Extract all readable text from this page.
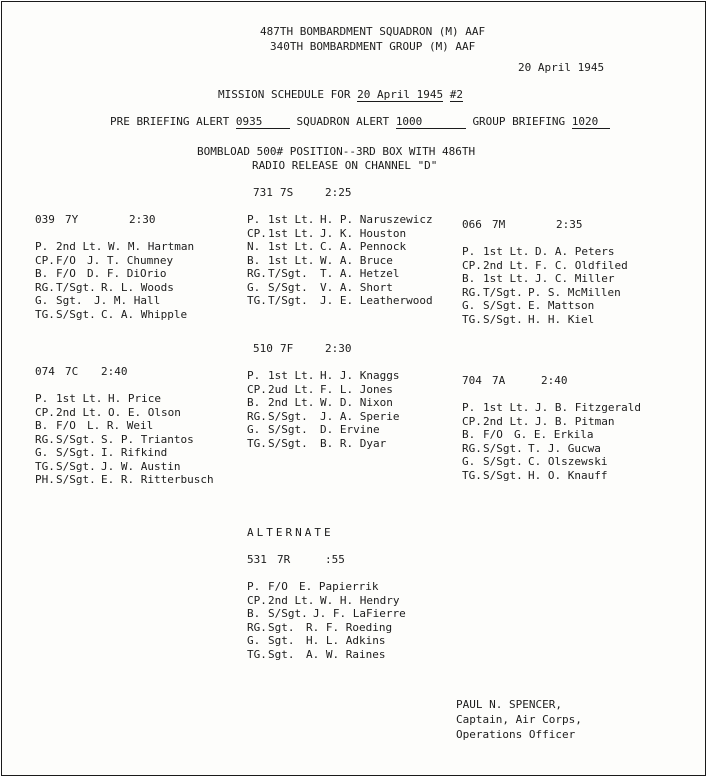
487TH BOMBARDMENT SQUADRON (M) AAF
340TH BOMBARDMENT GROUP (M) AAF
20 April 1945
MISSION SCHEDULE FOR 20 April 1945 #2
PRE BRIEFING ALERT 0935	SQUADRON ALERT 1000	GROUP BRIEFING 1020
BOMBLOAD 500# POSITION--3RD BOX WITH 486TH
RADIO RELEASE ON CHANNEL "D"
731 7S	2:25
P. 1st Lt. H. P. Naruszewicz
CP. 1st Lt. J. K. Houston
N. 1st Lt. C. A. Pennock
B. 1st Lt. W. A. Bruce
RG. T/Sgt. T. A. Hetzel
G. S/Sgt. V. A. Short
TG. T/Sgt. J. E. Leatherwood
039 7Y	2:30
P. 2nd Lt. W. M. Hartman
CP. F/O J. T. Chumney
B. F/O D. F. DiOrio
RG. T/Sgt. R. L. Woods
G. Sgt. J. M. Hall
TG. S/Sgt. C. A. Whipple
066 7M	2:35
P. 1st Lt. D. A. Peters
CP. 2nd Lt. F. C. Oldfiled
B. 1st Lt. J. C. Miller
RG. T/Sgt. P. S. McMillen
G. S/Sgt. E. Mattson
TG. S/Sgt. H. H. Kiel
510 7F	2:30
P. 1st Lt. H. J. Knaggs
CP. 2ud Lt. F. L. Jones
B. 2nd Lt. W. D. Nixon
RG. S/Sgt. J. A. Sperie
G. S/Sgt. D. Ervine
TG. S/Sgt. B. R. Dyar
074 7C 2:40
P. 1st Lt. H. Price
CP. 2nd Lt. O. E. Olson
B. F/O L. R. Weil
RG. S/Sgt. S. P. Triantos
G. S/Sgt. I. Rifkind
TG. S/Sgt. J. W. Austin
PH. S/Sgt. E. R. Ritterbusch
704 7A	2:40
P. 1st Lt. J. B. Fitzgerald
CP. 2nd Lt. J. B. Pitman
B. F/O G. E. Erkila
RG. S/Sgt. T. J. Gucwa
G. S/Sgt. C. Olszewski
TG. S/Sgt. H. O. Knauff
ALTERNATE
531 7R	:55
P. F/O E. Papierrik
CP. 2nd Lt. W. H. Hendry
B. S/Sgt. J. F. LaFierre
RG. Sgt. R. F. Roeding
G. Sgt. H. L. Adkins
TG. Sgt. A. W. Raines
PAUL N. SPENCER,
Captain, Air Corps,
Operations Officer
